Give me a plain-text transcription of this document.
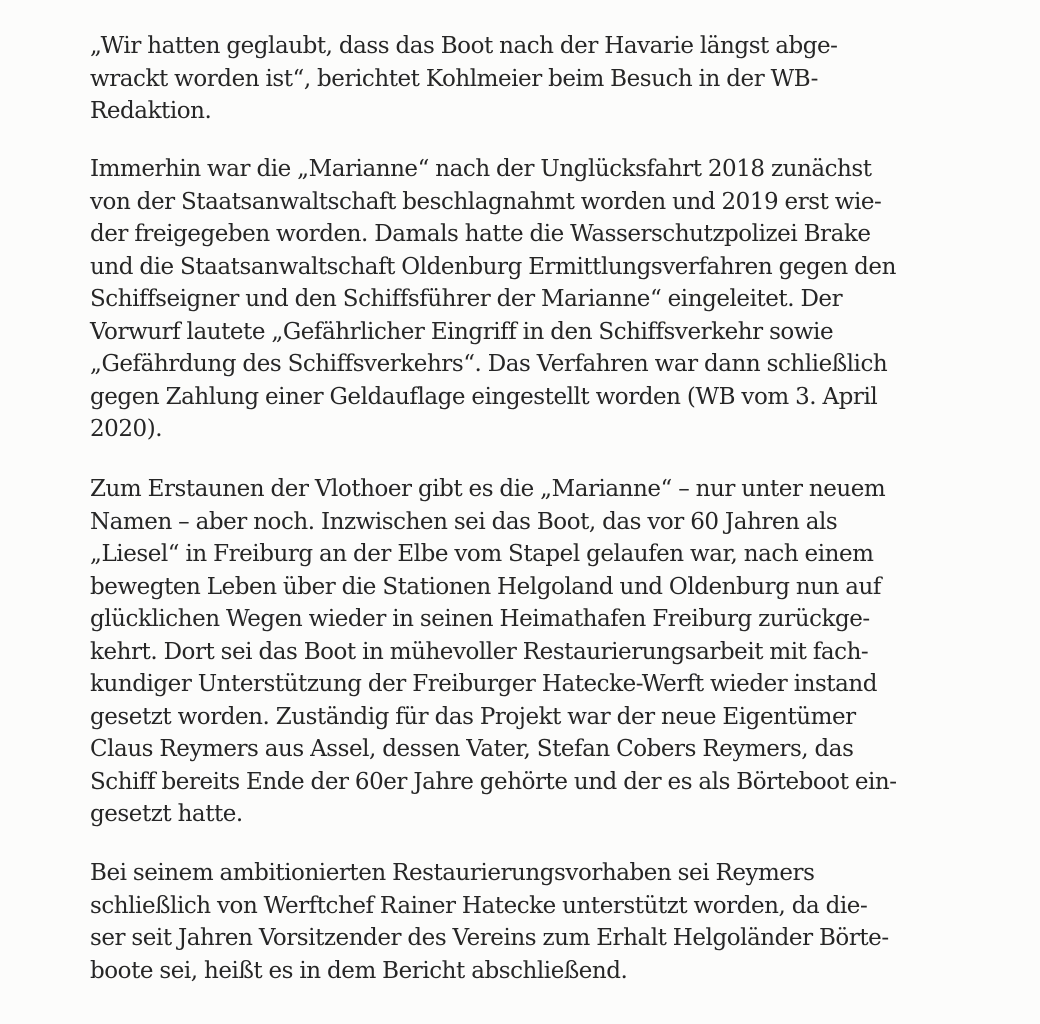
„Wir hatten geglaubt, dass das Boot nach der Havarie längst abge-
wrackt worden ist“, berichtet Kohlmeier beim Besuch in der WB-
Redaktion.

Immerhin war die „Marianne“ nach der Unglücksfahrt 2018 zunächst
von der Staatsanwaltschaft beschlagnahmt worden und 2019 erst wie-
der freigegeben worden. Damals hatte die Wasserschutzpolizei Brake
und die Staatsanwaltschaft Oldenburg Ermittlungsverfahren gegen den
Schiffseigner und den Schiffsführer der Marianne“ eingeleitet. Der
Vorwurf lautete „Gefährlicher Eingriff in den Schiffsverkehr sowie
„Gefährdung des Schiffsverkehrs“. Das Verfahren war dann schließlich
gegen Zahlung einer Geldauflage eingestellt worden (WB vom 3. April
2020).

Zum Erstaunen der Vlothoer gibt es die „Marianne“ – nur unter neuem
Namen – aber noch. Inzwischen sei das Boot, das vor 60 Jahren als
„Liesel“ in Freiburg an der Elbe vom Stapel gelaufen war, nach einem
bewegten Leben über die Stationen Helgoland und Oldenburg nun auf
glücklichen Wegen wieder in seinen Heimathafen Freiburg zurückge-
kehrt. Dort sei das Boot in mühevoller Restaurierungsarbeit mit fach-
kundiger Unterstützung der Freiburger Hatecke-Werft wieder instand
gesetzt worden. Zuständig für das Projekt war der neue Eigentümer
Claus Reymers aus Assel, dessen Vater, Stefan Cobers Reymers, das
Schiff bereits Ende der 60er Jahre gehörte und der es als Börteboot ein-
gesetzt hatte.

Bei seinem ambitionierten Restaurierungsvorhaben sei Reymers
schließlich von Werftchef Rainer Hatecke unterstützt worden, da die-
ser seit Jahren Vorsitzender des Vereins zum Erhalt Helgoländer Börte-
boote sei, heißt es in dem Bericht abschließend.
